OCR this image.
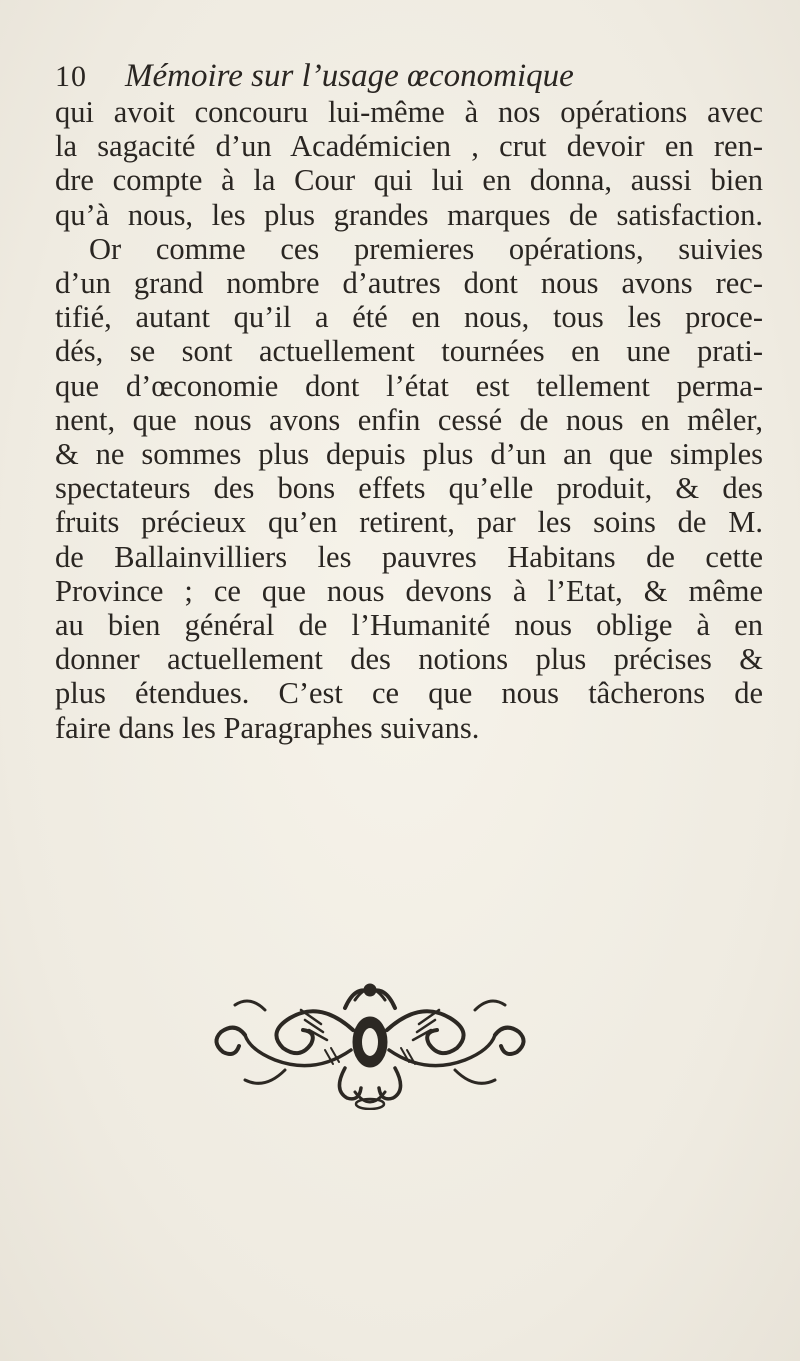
10 Mémoire sur l’usage œconomique
qui avoit concouru lui-même à nos opérations avec
la sagacité d’un Académicien , crut devoir en ren-
dre compte à la Cour qui lui en donna, aussi bien
qu’à nous, les plus grandes marques de satisfaction.
Or comme ces premieres opérations, suivies
d’un grand nombre d’autres dont nous avons rec-
tifié, autant qu’il a été en nous, tous les proce-
dés, se sont actuellement tournées en une prati-
que d’œconomie dont l’état est tellement perma-
nent, que nous avons enfin cessé de nous en mêler,
& ne sommes plus depuis plus d’un an que simples
spectateurs des bons effets qu’elle produit, & des
fruits précieux qu’en retirent, par les soins de M.
de Ballainvilliers les pauvres Habitans de cette
Province ; ce que nous devons à l’Etat, & même
au bien général de l’Humanité nous oblige à en
donner actuellement des notions plus précises &
plus étendues. C’est ce que nous tâcherons de
faire dans les Paragraphes suivans.
